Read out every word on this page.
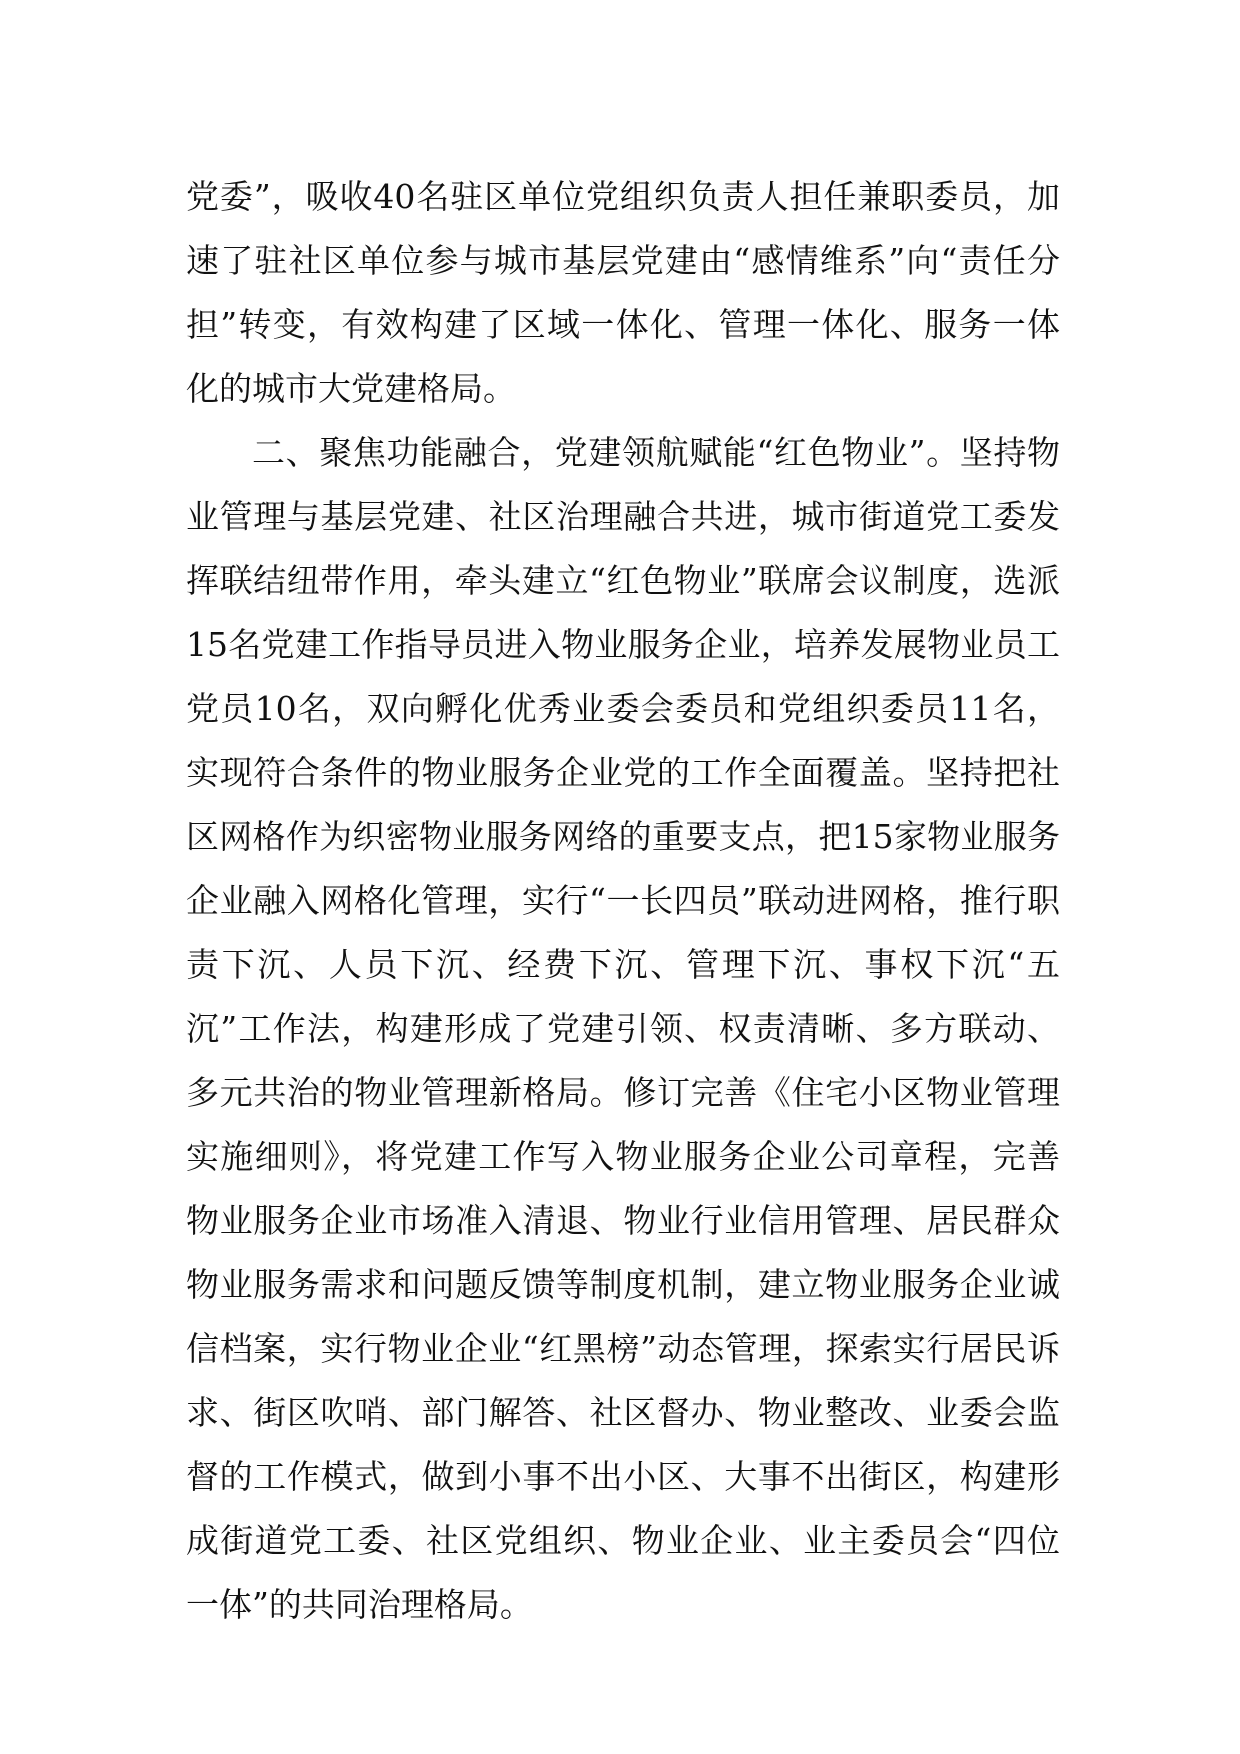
党委”，吸收40名驻区单位党组织负责人担任兼职委员，加速了驻社区单位参与城市基层党建由“感情维系”向“责任分担”转变，有效构建了区域一体化、管理一体化、服务一体化的城市大党建格局。

二、聚焦功能融合，党建领航赋能“红色物业”。坚持物业管理与基层党建、社区治理融合共进，城市街道党工委发挥联结纽带作用，牵头建立“红色物业”联席会议制度，选派15名党建工作指导员进入物业服务企业，培养发展物业员工党员10名，双向孵化优秀业委会委员和党组织委员11名，实现符合条件的物业服务企业党的工作全面覆盖。坚持把社区网格作为织密物业服务网络的重要支点，把15家物业服务企业融入网格化管理，实行“一长四员”联动进网格，推行职责下沉、人员下沉、经费下沉、管理下沉、事权下沉“五沉”工作法，构建形成了党建引领、权责清晰、多方联动、多元共治的物业管理新格局。修订完善《住宅小区物业管理实施细则》，将党建工作写入物业服务企业公司章程，完善物业服务企业市场准入清退、物业行业信用管理、居民群众物业服务需求和问题反馈等制度机制，建立物业服务企业诚信档案，实行物业企业“红黑榜”动态管理，探索实行居民诉求、街区吹哨、部门解答、社区督办、物业整改、业委会监督的工作模式，做到小事不出小区、大事不出街区，构建形成街道党工委、社区党组织、物业企业、业主委员会“四位一体”的共同治理格局。
